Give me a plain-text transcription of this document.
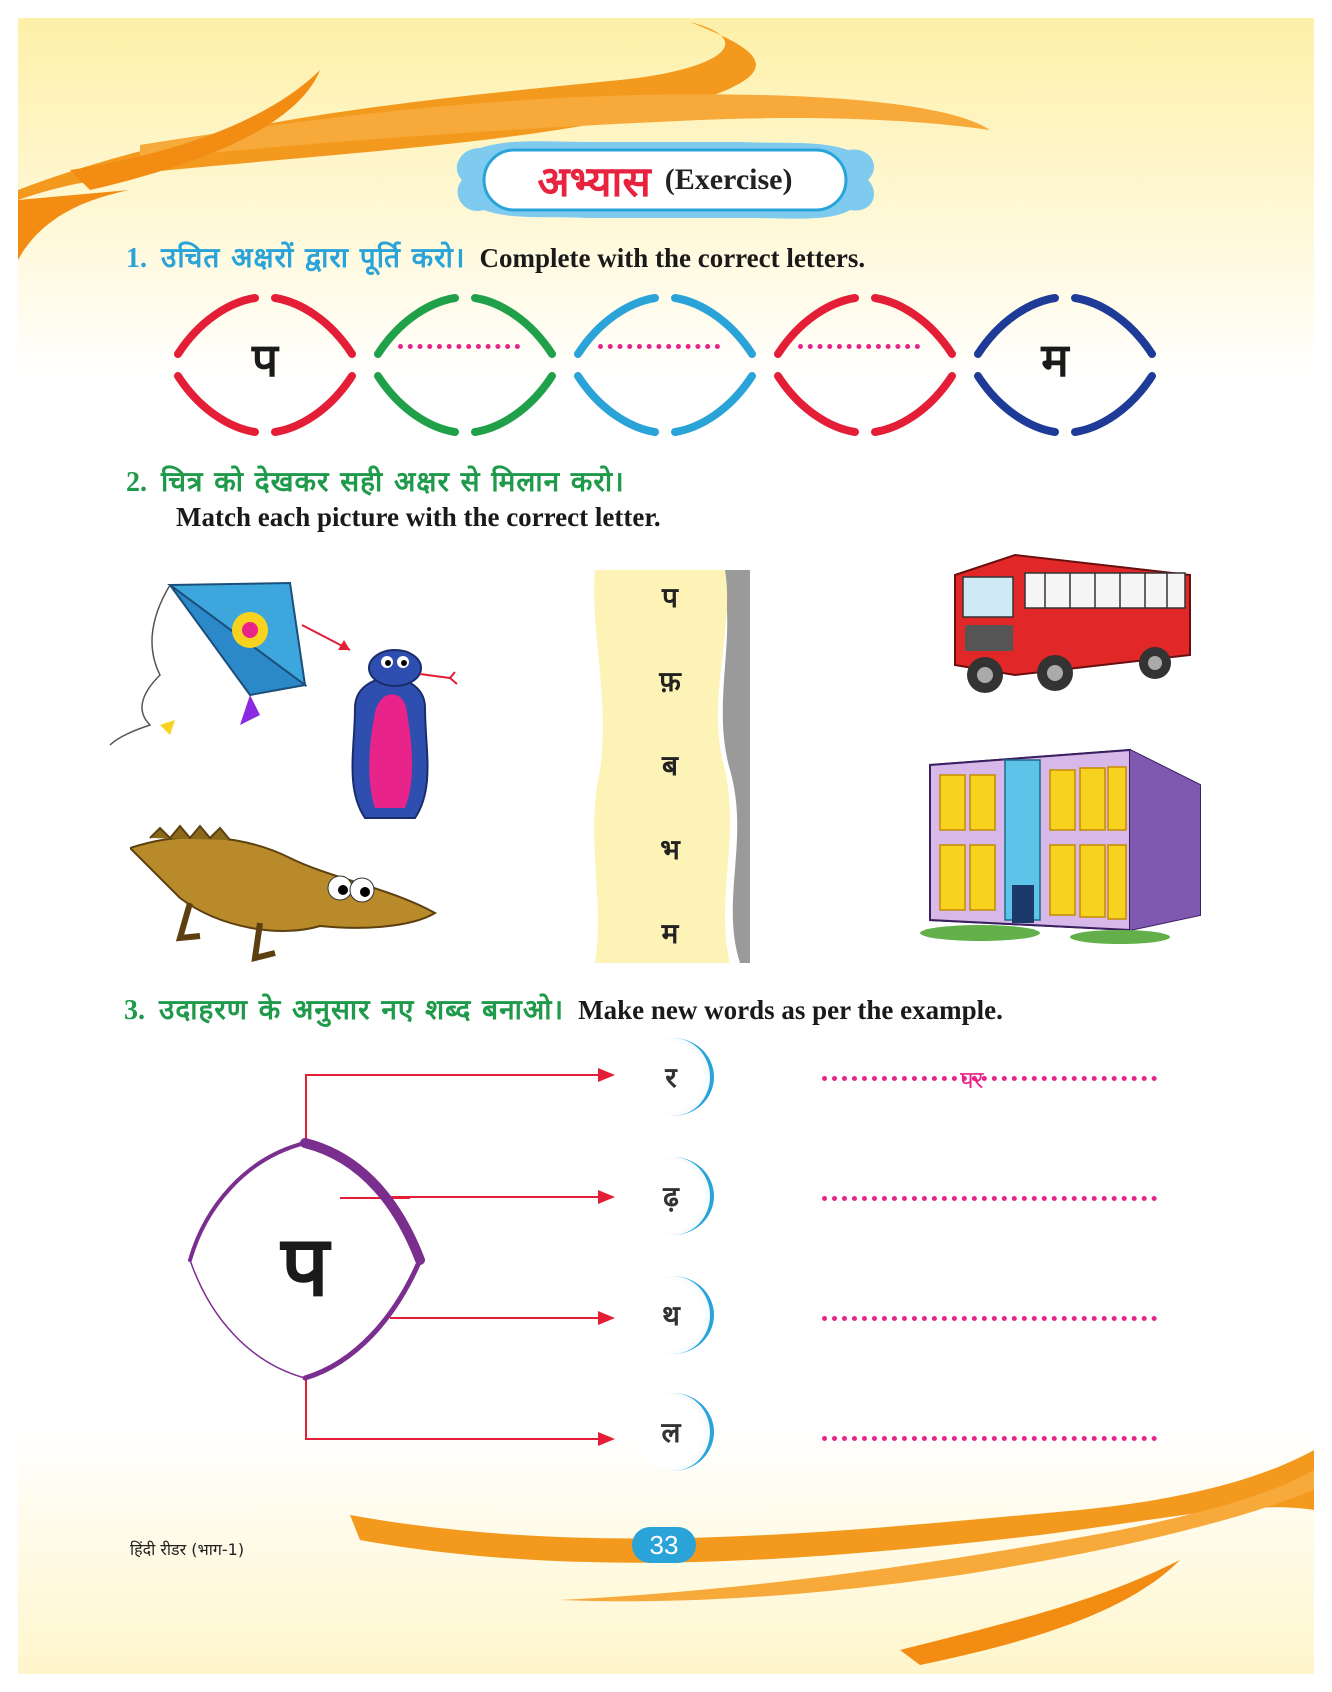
अभ्यास (Exercise)
1. उचित अक्षरों द्वारा पूर्ति करो। Complete with the correct letters.
प	म
2. चित्र को देखकर सही अक्षर से मिलान करो।
Match each picture with the correct letter.
प
फ़
ब
भ
म
3. उदाहरण के अनुसार नए शब्द बनाओ। Make new words as per the example.
प
र
ढ़
थ
ल
पर
हिंदी रीडर (भाग-1)	33
